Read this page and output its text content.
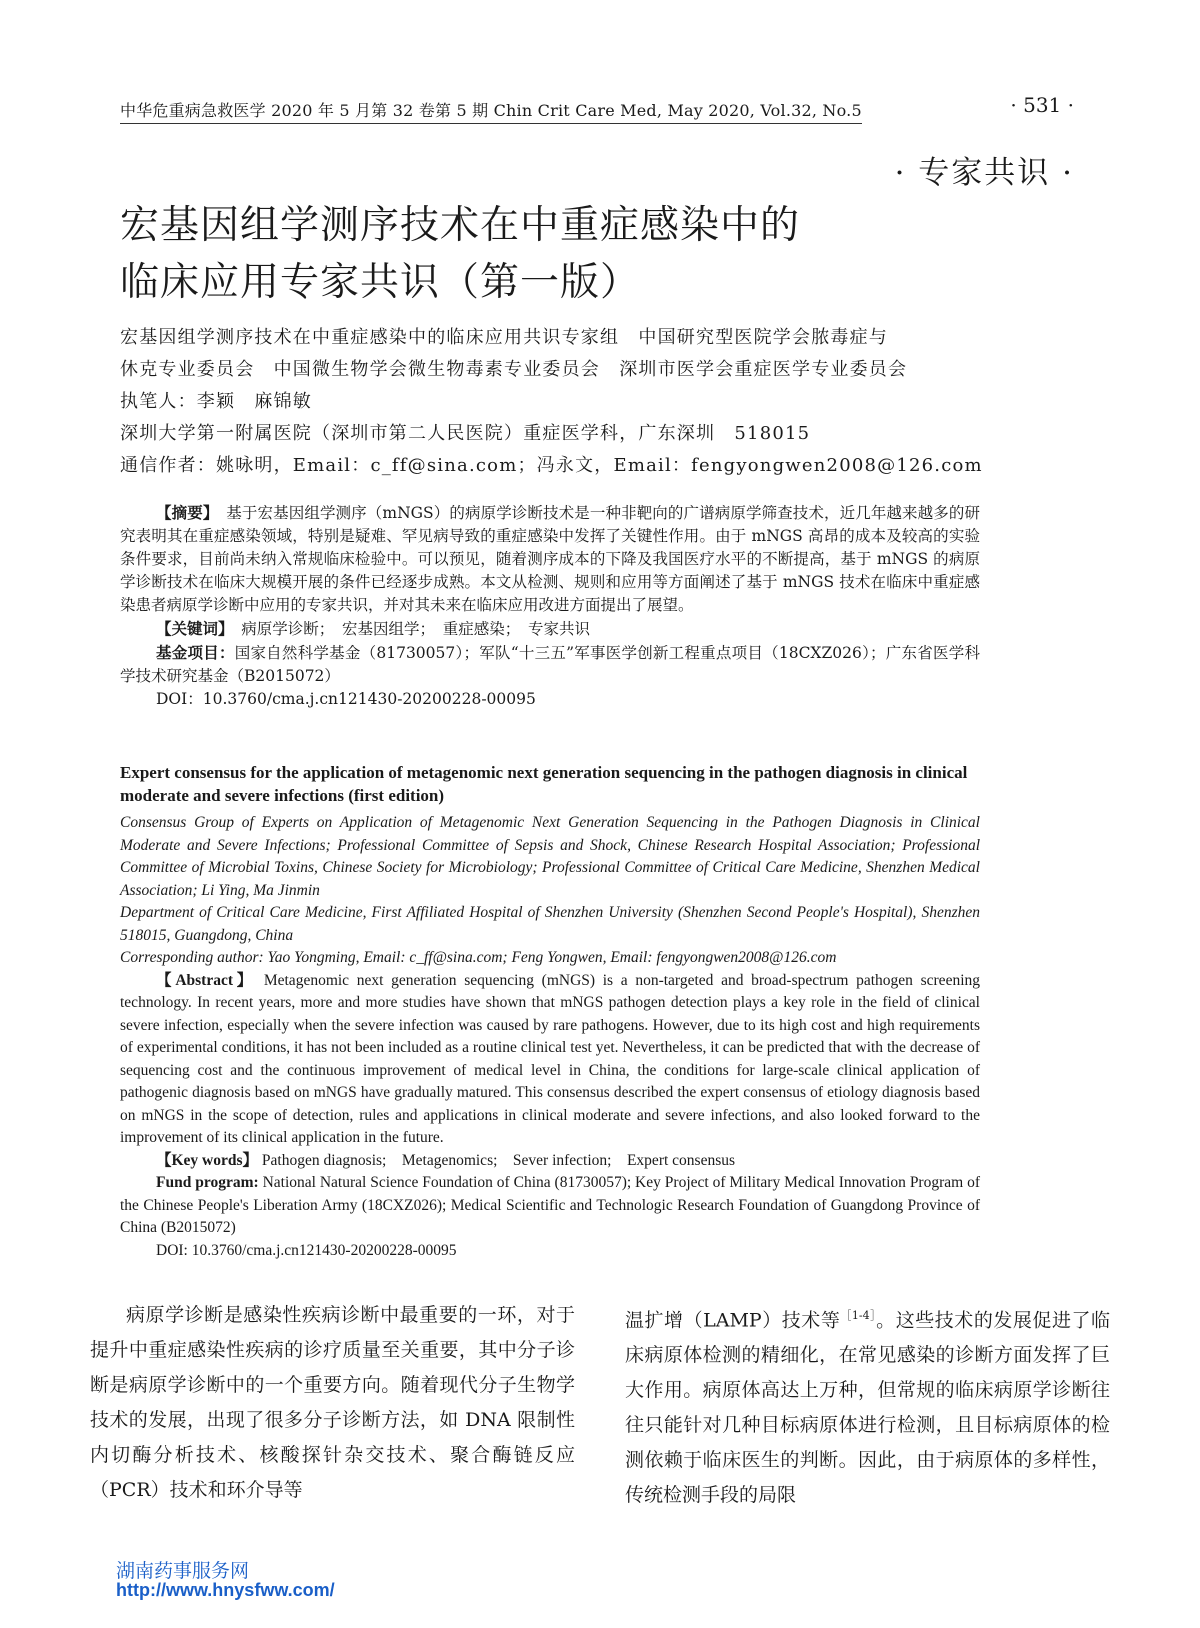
中华危重病急救医学 2020 年 5 月第 32 卷第 5 期 Chin Crit Care Med, May 2020, Vol.32, No.5	· 531 ·
· 专家共识 ·
宏基因组学测序技术在中重症感染中的
临床应用专家共识（第一版）
宏基因组学测序技术在中重症感染中的临床应用共识专家组　中国研究型医院学会脓毒症与
休克专业委员会　中国微生物学会微生物毒素专业委员会　深圳市医学会重症医学专业委员会
执笔人：李颖　麻锦敏
深圳大学第一附属医院（深圳市第二人民医院）重症医学科，广东深圳　518015
通信作者：姚咏明，Email：c_ff@sina.com；冯永文，Email：fengyongwen2008@126.com

【摘要】　 基于宏基因组学测序（mNGS）的病原学诊断技术是一种非靶向的广谱病原学筛查技术，近几年越来越多的研究表明其在重症感染领域，特别是疑难、罕见病导致的重症感染中发挥了关键性作用。由于 mNGS 高昂的成本及较高的实验条件要求，目前尚未纳入常规临床检验中。可以预见，随着测序成本的下降及我国医疗水平的不断提高，基于 mNGS 的病原学诊断技术在临床大规模开展的条件已经逐步成熟。本文从检测、规则和应用等方面阐述了基于 mNGS 技术在临床中重症感染患者病原学诊断中应用的专家共识，并对其未来在临床应用改进方面提出了展望。

【关键词】　 病原学诊断；　宏基因组学；　重症感染；　专家共识

基金项目：国家自然科学基金（81730057）；军队“十三五”军事医学创新工程重点项目（18CXZ026）；广东省医学科学技术研究基金（B2015072）

DOI：10.3760/cma.j.cn121430-20200228-00095

Expert consensus for the application of metagenomic next generation sequencing in the pathogen diagnosis in clinical moderate and severe infections (first edition)

Consensus Group of Experts on Application of Metagenomic Next Generation Sequencing in the Pathogen Diagnosis in Clinical Moderate and Severe Infections; Professional Committee of Sepsis and Shock, Chinese Research Hospital Association; Professional Committee of Microbial Toxins, Chinese Society for Microbiology; Professional Committee of Critical Care Medicine, Shenzhen Medical Association; Li Ying, Ma Jinmin

Department of Critical Care Medicine, First Affiliated Hospital of Shenzhen University (Shenzhen Second People's Hospital), Shenzhen 518015, Guangdong, China

Corresponding author: Yao Yongming, Email: c_ff@sina.com; Feng Yongwen, Email: fengyongwen2008@126.com

【Abstract】 Metagenomic next generation sequencing (mNGS) is a non-targeted and broad-spectrum pathogen screening technology. In recent years, more and more studies have shown that mNGS pathogen detection plays a key role in the field of clinical severe infection, especially when the severe infection was caused by rare pathogens. However, due to its high cost and high requirements of experimental conditions, it has not been included as a routine clinical test yet. Nevertheless, it can be predicted that with the decrease of sequencing cost and the continuous improvement of medical level in China, the conditions for large-scale clinical application of pathogenic diagnosis based on mNGS have gradually matured. This consensus described the expert consensus of etiology diagnosis based on mNGS in the scope of detection, rules and applications in clinical moderate and severe infections, and also looked forward to the improvement of its clinical application in the future.

【Key words】 Pathogen diagnosis;　Metagenomics;　Sever infection;　Expert consensus

Fund program: National Natural Science Foundation of China (81730057); Key Project of Military Medical Innovation Program of the Chinese People's Liberation Army (18CXZ026); Medical Scientific and Technologic Research Foundation of Guangdong Province of China (B2015072)

DOI: 10.3760/cma.j.cn121430-20200228-00095

病原学诊断是感染性疾病诊断中最重要的一环，对于提升中重症感染性疾病的诊疗质量至关重要，其中分子诊断是病原学诊断中的一个重要方向。随着现代分子生物学技术的发展，出现了很多分子诊断方法，如 DNA 限制性内切酶分析技术、核酸探针杂交技术、聚合酶链反应（PCR）技术和环介导等

温扩增（LAMP）技术等$^{[1-4]}$。这些技术的发展促进了临床病原体检测的精细化，在常见感染的诊断方面发挥了巨大作用。病原体高达上万种，但常规的临床病原学诊断往往只能针对几种目标病原体进行检测，且目标病原体的检测依赖于临床医生的判断。因此，由于病原体的多样性，传统检测手段的局限

湖南药事服务网
http://www.hnysfww.com/
